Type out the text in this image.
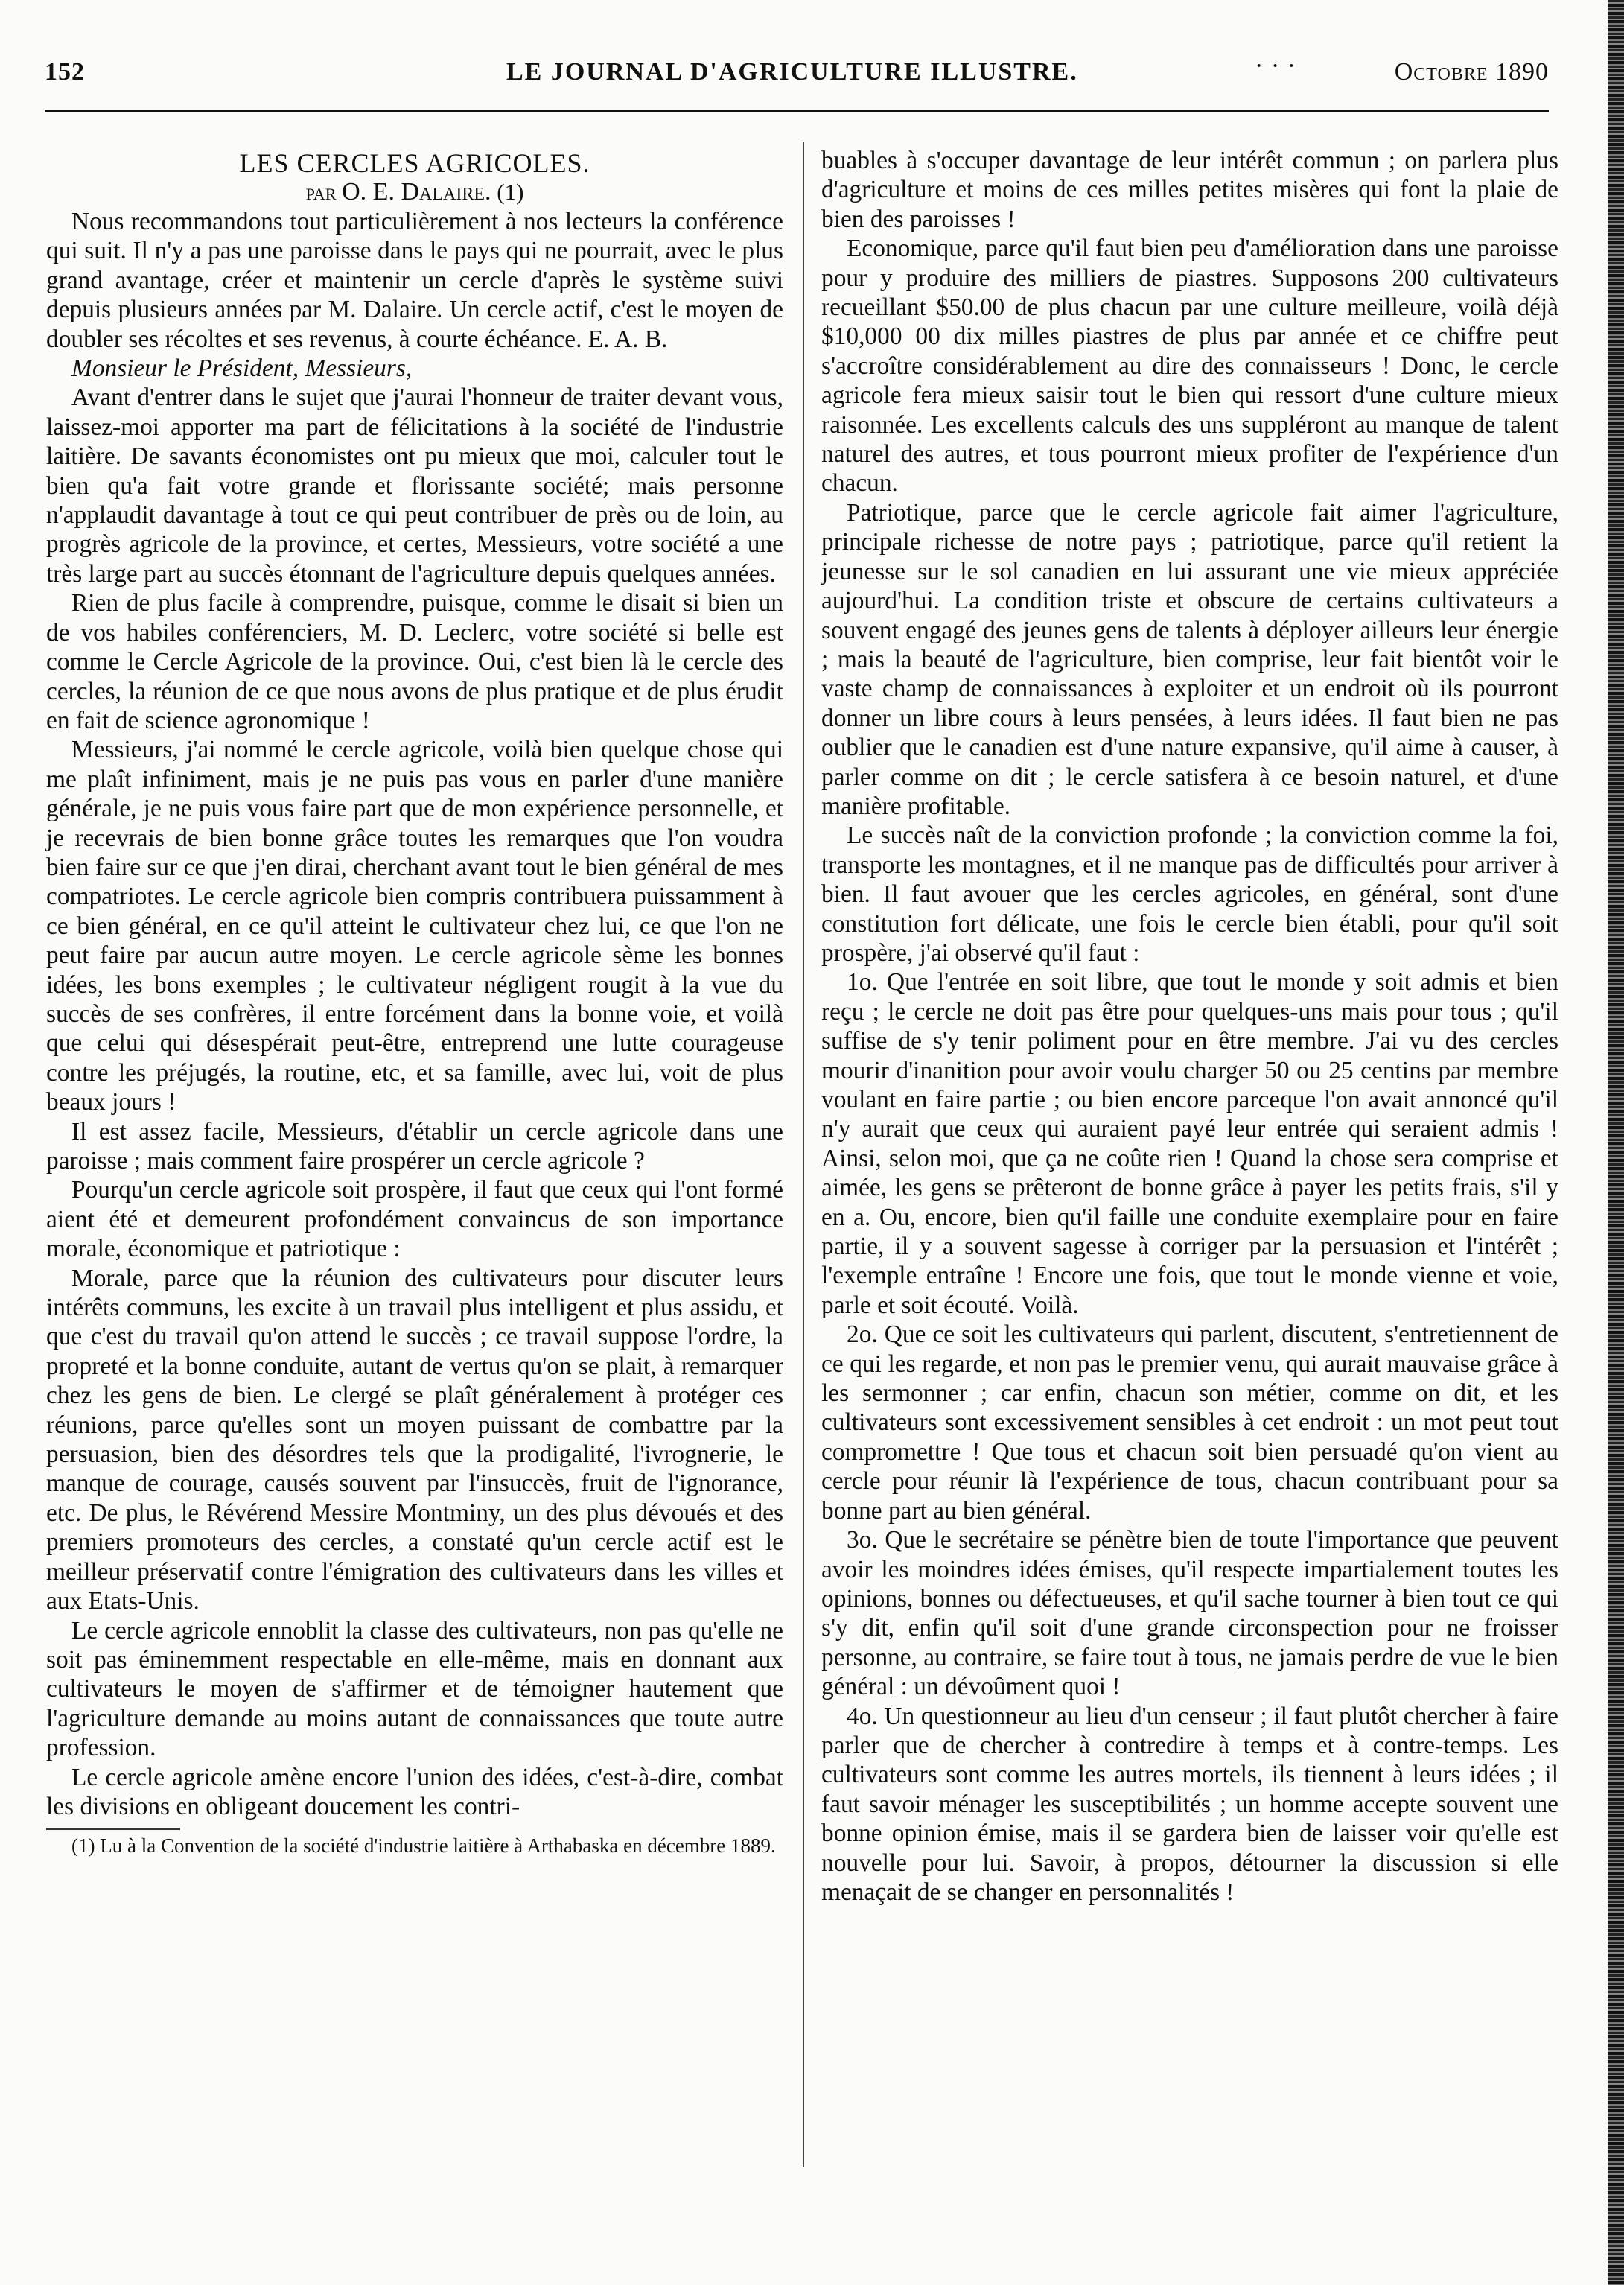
152	LE JOURNAL D'AGRICULTURE ILLUSTRE.	· · ·	Octobre 1890
LES CERCLES AGRICOLES.

par O. E. Dalaire. (1)

Nous recommandons tout particulièrement à nos lecteurs la conférence qui suit. Il n'y a pas une paroisse dans le pays qui ne pourrait, avec le plus grand avantage, créer et maintenir un cercle d'après le système suivi depuis plusieurs années par M. Dalaire. Un cercle actif, c'est le moyen de doubler ses récoltes et ses revenus, à courte échéance. E. A. B.

Monsieur le Président, Messieurs,

Avant d'entrer dans le sujet que j'aurai l'honneur de traiter devant vous, laissez-moi apporter ma part de félicitations à la société de l'industrie laitière. De savants économistes ont pu mieux que moi, calculer tout le bien qu'a fait votre grande et florissante société; mais personne n'applaudit davantage à tout ce qui peut contribuer de près ou de loin, au progrès agricole de la province, et certes, Messieurs, votre société a une très large part au succès étonnant de l'agriculture depuis quelques années.

Rien de plus facile à comprendre, puisque, comme le disait si bien un de vos habiles conférenciers, M. D. Leclerc, votre société si belle est comme le Cercle Agricole de la province. Oui, c'est bien là le cercle des cercles, la réunion de ce que nous avons de plus pratique et de plus érudit en fait de science agronomique !

Messieurs, j'ai nommé le cercle agricole, voilà bien quelque chose qui me plaît infiniment, mais je ne puis pas vous en parler d'une manière générale, je ne puis vous faire part que de mon expérience personnelle, et je recevrais de bien bonne grâce toutes les remarques que l'on voudra bien faire sur ce que j'en dirai, cherchant avant tout le bien général de mes compatriotes. Le cercle agricole bien compris contribuera puissamment à ce bien général, en ce qu'il atteint le cultivateur chez lui, ce que l'on ne peut faire par aucun autre moyen. Le cercle agricole sème les bonnes idées, les bons exemples ; le cultivateur négligent rougit à la vue du succès de ses confrères, il entre forcément dans la bonne voie, et voilà que celui qui désespérait peut-être, entreprend une lutte courageuse contre les préjugés, la routine, etc, et sa famille, avec lui, voit de plus beaux jours !

Il est assez facile, Messieurs, d'établir un cercle agricole dans une paroisse ; mais comment faire prospérer un cercle agricole ?

Pourqu'un cercle agricole soit prospère, il faut que ceux qui l'ont formé aient été et demeurent profondément convaincus de son importance morale, économique et patriotique :

Morale, parce que la réunion des cultivateurs pour discuter leurs intérêts communs, les excite à un travail plus intelligent et plus assidu, et que c'est du travail qu'on attend le succès ; ce travail suppose l'ordre, la propreté et la bonne conduite, autant de vertus qu'on se plait, à remarquer chez les gens de bien. Le clergé se plaît généralement à protéger ces réunions, parce qu'elles sont un moyen puissant de combattre par la persuasion, bien des désordres tels que la prodigalité, l'ivrognerie, le manque de courage, causés souvent par l'insuccès, fruit de l'ignorance, etc. De plus, le Révérend Messire Montminy, un des plus dévoués et des premiers promoteurs des cercles, a constaté qu'un cercle actif est le meilleur préservatif contre l'émigration des cultivateurs dans les villes et aux Etats-Unis.

Le cercle agricole ennoblit la classe des cultivateurs, non pas qu'elle ne soit pas éminemment respectable en elle-même, mais en donnant aux cultivateurs le moyen de s'affirmer et de témoigner hautement que l'agriculture demande au moins autant de connaissances que toute autre profession.

Le cercle agricole amène encore l'union des idées, c'est-à-dire, combat les divisions en obligeant doucement les contri-

(1) Lu à la Convention de la société d'industrie laitière à Arthabaska en décembre 1889.

buables à s'occuper davantage de leur intérêt commun ; on parlera plus d'agriculture et moins de ces milles petites misères qui font la plaie de bien des paroisses !

Economique, parce qu'il faut bien peu d'amélioration dans une paroisse pour y produire des milliers de piastres. Supposons 200 cultivateurs recueillant $50.00 de plus chacun par une culture meilleure, voilà déjà $10,000 00 dix milles piastres de plus par année et ce chiffre peut s'accroître considérablement au dire des connaisseurs ! Donc, le cercle agricole fera mieux saisir tout le bien qui ressort d'une culture mieux raisonnée. Les excellents calculs des uns suppléront au manque de talent naturel des autres, et tous pourront mieux profiter de l'expérience d'un chacun.

Patriotique, parce que le cercle agricole fait aimer l'agriculture, principale richesse de notre pays ; patriotique, parce qu'il retient la jeunesse sur le sol canadien en lui assurant une vie mieux appréciée aujourd'hui. La condition triste et obscure de certains cultivateurs a souvent engagé des jeunes gens de talents à déployer ailleurs leur énergie ; mais la beauté de l'agriculture, bien comprise, leur fait bientôt voir le vaste champ de connaissances à exploiter et un endroit où ils pourront donner un libre cours à leurs pensées, à leurs idées. Il faut bien ne pas oublier que le canadien est d'une nature expansive, qu'il aime à causer, à parler comme on dit ; le cercle satisfera à ce besoin naturel, et d'une manière profitable.

Le succès naît de la conviction profonde ; la conviction comme la foi, transporte les montagnes, et il ne manque pas de difficultés pour arriver à bien. Il faut avouer que les cercles agricoles, en général, sont d'une constitution fort délicate, une fois le cercle bien établi, pour qu'il soit prospère, j'ai observé qu'il faut :

1o. Que l'entrée en soit libre, que tout le monde y soit admis et bien reçu ; le cercle ne doit pas être pour quelques-uns mais pour tous ; qu'il suffise de s'y tenir poliment pour en être membre. J'ai vu des cercles mourir d'inanition pour avoir voulu charger 50 ou 25 centins par membre voulant en faire partie ; ou bien encore parceque l'on avait annoncé qu'il n'y aurait que ceux qui auraient payé leur entrée qui seraient admis ! Ainsi, selon moi, que ça ne coûte rien ! Quand la chose sera comprise et aimée, les gens se prêteront de bonne grâce à payer les petits frais, s'il y en a. Ou, encore, bien qu'il faille une conduite exemplaire pour en faire partie, il y a souvent sagesse à corriger par la persuasion et l'intérêt ; l'exemple entraîne ! Encore une fois, que tout le monde vienne et voie, parle et soit écouté. Voilà.

2o. Que ce soit les cultivateurs qui parlent, discutent, s'entretiennent de ce qui les regarde, et non pas le premier venu, qui aurait mauvaise grâce à les sermonner ; car enfin, chacun son métier, comme on dit, et les cultivateurs sont excessivement sensibles à cet endroit : un mot peut tout compromettre ! Que tous et chacun soit bien persuadé qu'on vient au cercle pour réunir là l'expérience de tous, chacun contribuant pour sa bonne part au bien général.

3o. Que le secrétaire se pénètre bien de toute l'importance que peuvent avoir les moindres idées émises, qu'il respecte impartialement toutes les opinions, bonnes ou défectueuses, et qu'il sache tourner à bien tout ce qui s'y dit, enfin qu'il soit d'une grande circonspection pour ne froisser personne, au contraire, se faire tout à tous, ne jamais perdre de vue le bien général : un dévoûment quoi !

4o. Un questionneur au lieu d'un censeur ; il faut plutôt chercher à faire parler que de chercher à contredire à temps et à contre-temps. Les cultivateurs sont comme les autres mortels, ils tiennent à leurs idées ; il faut savoir ménager les susceptibilités ; un homme accepte souvent une bonne opinion émise, mais il se gardera bien de laisser voir qu'elle est nouvelle pour lui. Savoir, à propos, détourner la discussion si elle menaçait de se changer en personnalités !
